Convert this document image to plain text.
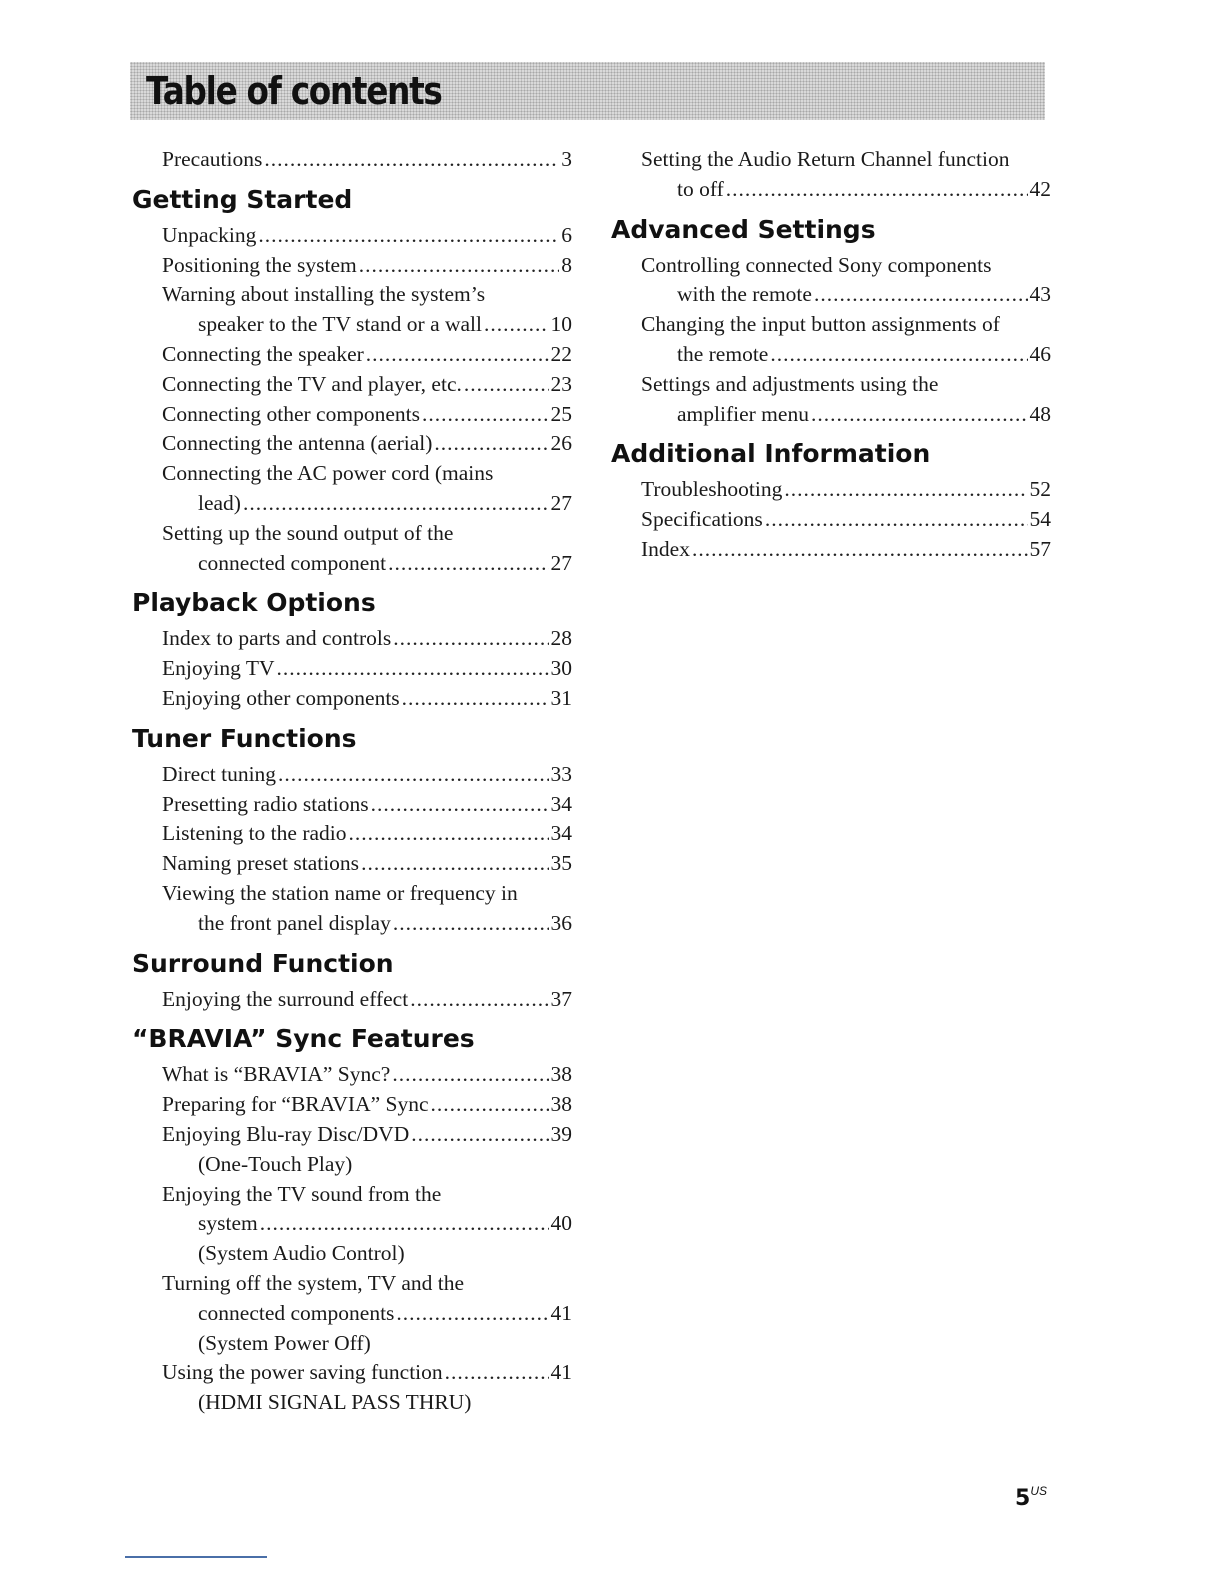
Table of contents
Precautions .....	3
Getting Started
Unpacking .....	6
Positioning the system .....	8
Warning about installing the system’s
speaker to the TV stand or a wall .....	10
Connecting the speaker .....	22
Connecting the TV and player, etc. .....	23
Connecting other components .....	25
Connecting the antenna (aerial) .....	26
Connecting the AC power cord (mains
lead) .....	27
Setting up the sound output of the
connected component .....	27
Playback Options
Index to parts and controls .....	28
Enjoying TV .....	30
Enjoying other components .....	31
Tuner Functions
Direct tuning .....	33
Presetting radio stations .....	34
Listening to the radio .....	34
Naming preset stations .....	35
Viewing the station name or frequency in
the front panel display .....	36
Surround Function
Enjoying the surround effect .....	37
“BRAVIA” Sync Features
What is “BRAVIA” Sync? .....	38
Preparing for “BRAVIA” Sync .....	38
Enjoying Blu-ray Disc/DVD .....	39
(One-Touch Play)
Enjoying the TV sound from the
system .....	40
(System Audio Control)
Turning off the system, TV and the
connected components .....	41
(System Power Off)
Using the power saving function .....	41
(HDMI SIGNAL PASS THRU)
Setting the Audio Return Channel function
to off .....	42
Advanced Settings
Controlling connected Sony components
with the remote .....	43
Changing the input button assignments of
the remote .....	46
Settings and adjustments using the
amplifier menu .....	48
Additional Information
Troubleshooting .....	52
Specifications .....	54
Index .....	57
$5^{US}$
